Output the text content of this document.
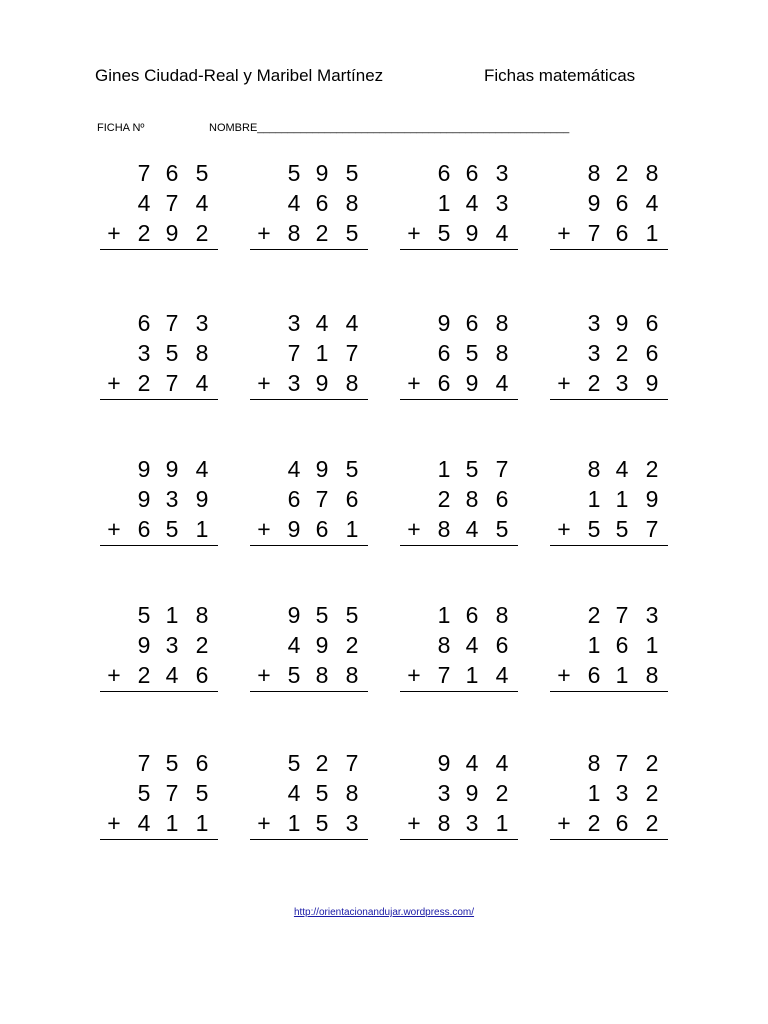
Gines Ciudad-Real y Maribel Martínez	Fichas matemáticas
FICHA Nº	NOMBRE___________________________________________________
7 6 5
4 7 4
+ 2 9 2
5 9 5
4 6 8
+ 8 2 5
6 6 3
1 4 3
+ 5 9 4
8 2 8
9 6 4
+ 7 6 1
6 7 3
3 5 8
+ 2 7 4
3 4 4
7 1 7
+ 3 9 8
9 6 8
6 5 8
+ 6 9 4
3 9 6
3 2 6
+ 2 3 9
9 9 4
9 3 9
+ 6 5 1
4 9 5
6 7 6
+ 9 6 1
1 5 7
2 8 6
+ 8 4 5
8 4 2
1 1 9
+ 5 5 7
5 1 8
9 3 2
+ 2 4 6
9 5 5
4 9 2
+ 5 8 8
1 6 8
8 4 6
+ 7 1 4
2 7 3
1 6 1
+ 6 1 8
7 5 6
5 7 5
+ 4 1 1
5 2 7
4 5 8
+ 1 5 3
9 4 4
3 9 2
+ 8 3 1
8 7 2
1 3 2
+ 2 6 2
http://orientacionandujar.wordpress.com/
